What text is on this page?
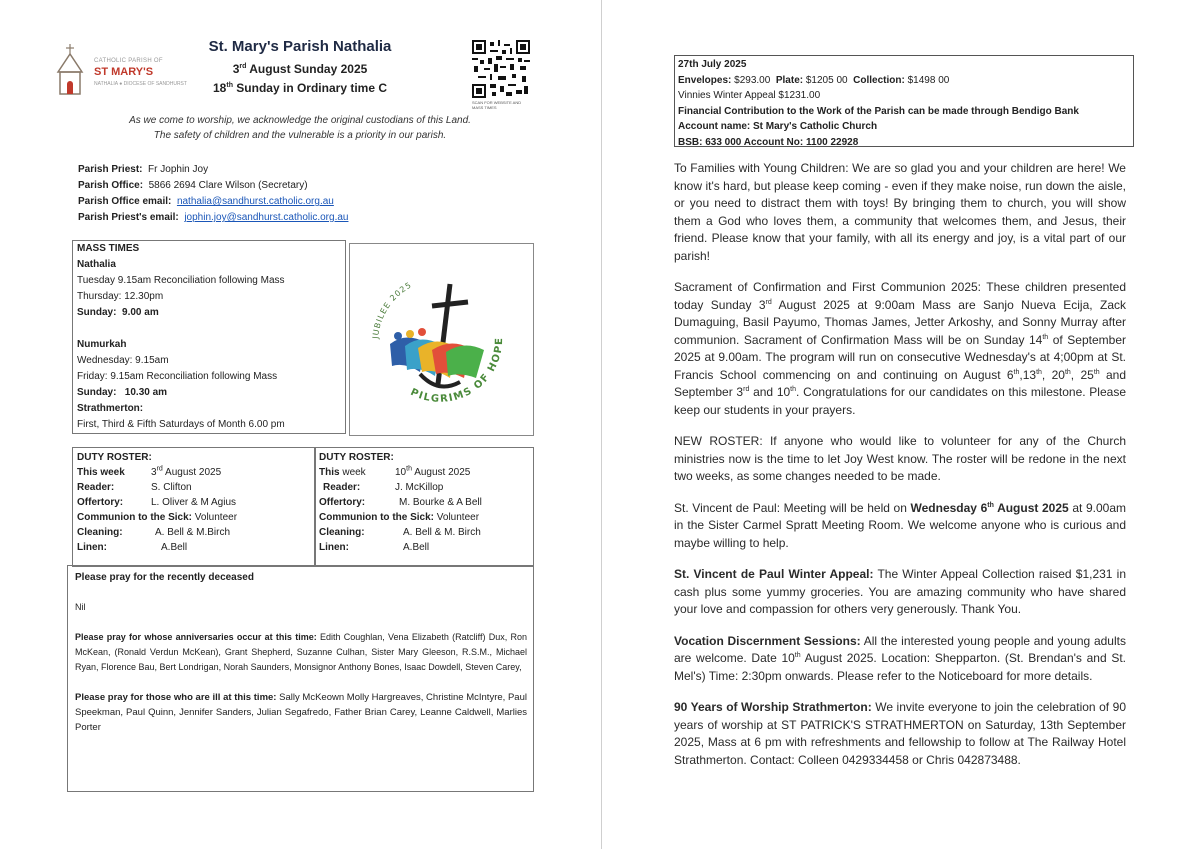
CATHOLIC PARISH OF
ST MARY'S
NATHALIA ● DIOCESE OF SANDHURST
St. Mary's Parish Nathalia
3rd August Sunday 2025
18th Sunday in Ordinary time C
SCAN FOR WEBSITE AND MASS TIMES
As we come to worship, we acknowledge the original custodians of this Land.
The safety of children and the vulnerable is a priority in our parish.
Parish Priest: Fr Jophin Joy
Parish Office: 5866 2694 Clare Wilson (Secretary)
Parish Office email: nathalia@sandhurst.catholic.org.au
Parish Priest's email: jophin.joy@sandhurst.catholic.org.au
MASS TIMES
Nathalia
Tuesday 9.15am Reconciliation following Mass
Thursday: 12.30pm
Sunday: 9.00 am
Numurkah
Wednesday: 9.15am
Friday: 9.15am Reconciliation following Mass
Sunday: 10.30 am
Strathmerton:
First, Third & Fifth Saturdays of Month 6.00 pm
JUBILEE 2025
PILGRIMS OF HOPE
DUTY ROSTER:
This week	3rd August 2025
Reader:	S. Clifton
Offertory:	L. Oliver & M Agius
Communion to the Sick:
Volunteer
Cleaning:	A. Bell & M.Birch
Linen:	A.Bell
DUTY ROSTER:
This week	10th August 2025
Reader:	J. McKillop
Offertory:	M. Bourke & A Bell
Communion to the Sick:
Volunteer
Cleaning:	A. Bell & M. Birch
Linen:	A.Bell
Please pray for the recently deceased
Nil
Please pray for whose anniversaries occur at this time: Edith Coughlan, Vena Elizabeth (Ratcliff) Dux, Ron McKean, (Ronald Verdun McKean), Grant Shepherd, Suzanne Culhan, Sister Mary Gleeson, R.S.M., Michael Ryan, Florence Bau, Bert Londrigan, Norah Saunders, Monsignor Anthony Bones, Isaac Dowdell, Steven Carey,
Please pray for those who are ill at this time: Sally McKeown Molly Hargreaves, Christine McIntyre, Paul Speekman, Paul Quinn, Jennifer Sanders, Julian Segafredo, Father Brian Carey, Leanne Caldwell, Marlies Porter
27th July 2025
Envelopes: $293.00 Plate: $1205 00 Collection: $1498 00
Vinnies Winter Appeal $1231.00
Financial Contribution to the Work of the Parish can be made through Bendigo Bank
Account name: St Mary's Catholic Church
BSB: 633 000 Account No: 1100 22928

To Families with Young Children: We are so glad you and your children are here! We know it's hard, but please keep coming - even if they make noise, run down the aisle, or you need to distract them with toys! By bringing them to church, you will show them a God who loves them, a community that welcomes them, and Jesus, their friend. Please know that your family, with all its energy and joy, is a vital part of our parish!

Sacrament of Confirmation and First Communion 2025: These children presented today Sunday 3rd August 2025 at 9:00am Mass are Sanjo Nueva Ecija, Zack Dumaguing, Basil Payumo, Thomas James, Jetter Arkoshy, and Sonny Murray after communion. Sacrament of Confirmation Mass will be on Sunday 14th of September 2025 at 9.00am. The program will run on consecutive Wednesday's at 4;00pm at St. Francis School commencing on and continuing on August 6th,13th, 20th, 25th and September 3rd and 10th. Congratulations for our candidates on this milestone. Please keep our students in your prayers.

NEW ROSTER: If anyone who would like to volunteer for any of the Church ministries now is the time to let Joy West know. The roster will be redone in the next two weeks, as some changes needed to be made.

St. Vincent de Paul: Meeting will be held on Wednesday 6th August 2025 at 9.00am in the Sister Carmel Spratt Meeting Room. We welcome anyone who is curious and maybe willing to help.

St. Vincent de Paul Winter Appeal: The Winter Appeal Collection raised $1,231 in cash plus some yummy groceries. You are amazing community who have shared your love and compassion for others very generously. Thank You.

Vocation Discernment Sessions: All the interested young people and young adults are welcome. Date 10th August 2025. Location: Shepparton. (St. Brendan's and St. Mel's) Time: 2:30pm onwards. Please refer to the Noticeboard for more details.

90 Years of Worship Strathmerton: We invite everyone to join the celebration of 90 years of worship at ST PATRICK'S STRATHMERTON on Saturday, 13th September 2025, Mass at 6 pm with refreshments and fellowship to follow at The Railway Hotel Strathmerton. Contact: Colleen 0429334458 or Chris 042873488.
